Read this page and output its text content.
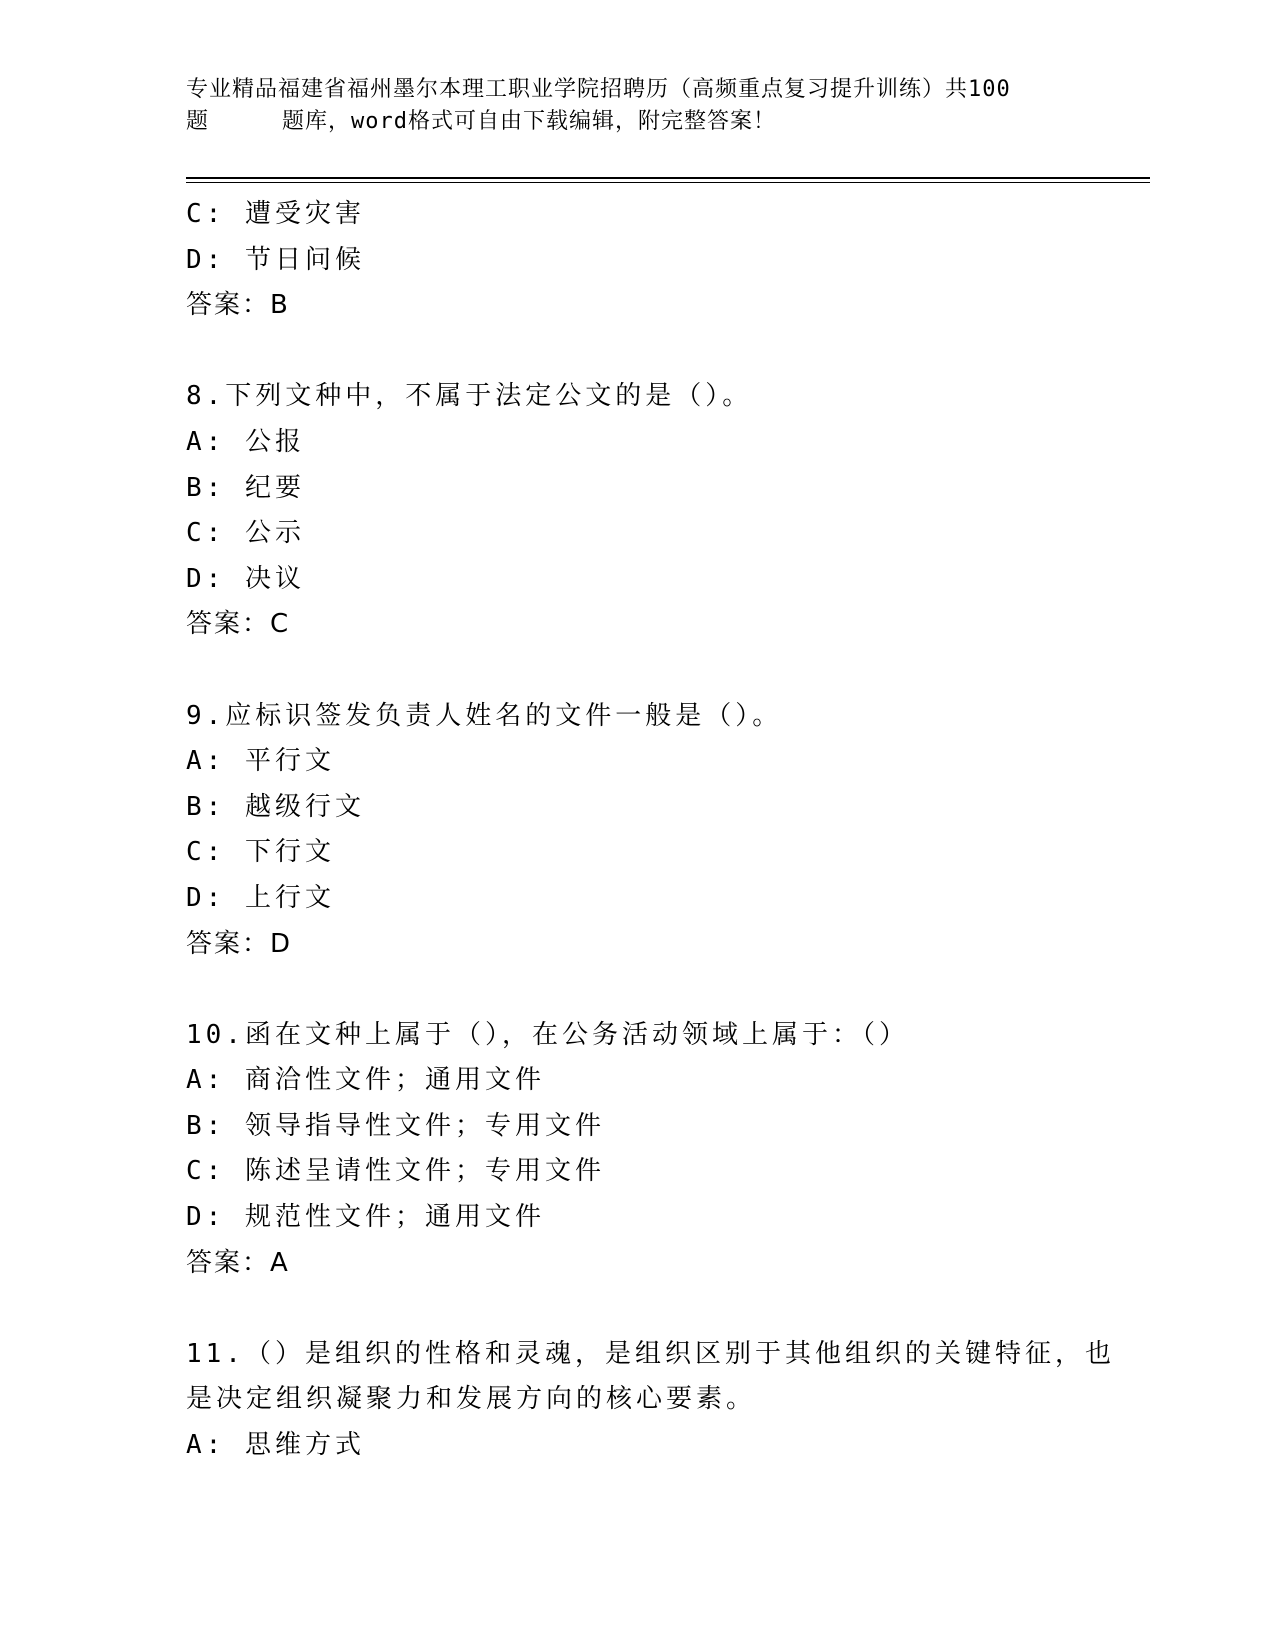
专业精品福建省福州墨尔本理工职业学院招聘历（高频重点复习提升训练）共100
题	题库，word格式可自由下载编辑，附完整答案！
C: 遭受灾害
D: 节日问候
答案：B
8.下列文种中，不属于法定公文的是（）。
A: 公报
B: 纪要
C: 公示
D: 决议
答案：C
9.应标识签发负责人姓名的文件一般是（）。
A: 平行文
B: 越级行文
C: 下行文
D: 上行文
答案：D
10.函在文种上属于（），在公务活动领域上属于：（）
A: 商洽性文件；通用文件
B: 领导指导性文件；专用文件
C: 陈述呈请性文件；专用文件
D: 规范性文件；通用文件
答案：A
11.（）是组织的性格和灵魂，是组织区别于其他组织的关键特征，也
是决定组织凝聚力和发展方向的核心要素。
A: 思维方式
